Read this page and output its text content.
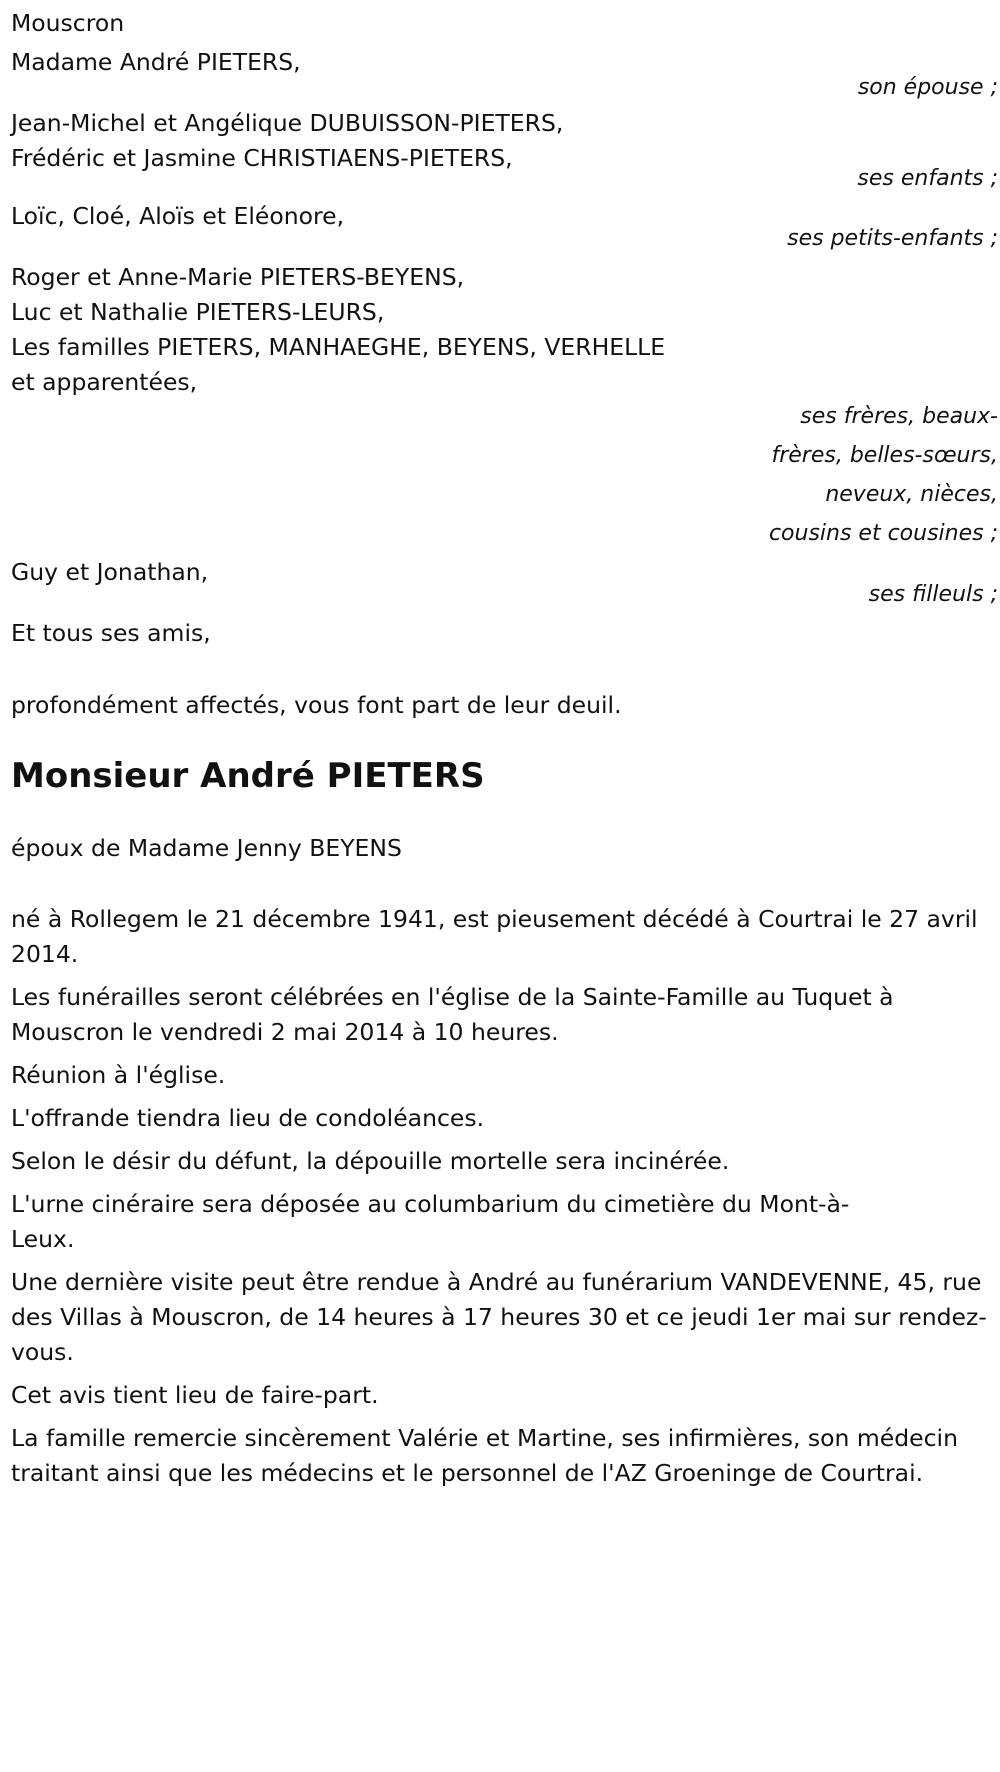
Mouscron
Madame André PIETERS,
son épouse ;
Jean-Michel et Angélique DUBUISSON-PIETERS,
Frédéric et Jasmine CHRISTIAENS-PIETERS,
ses enfants ;
Loïc, Cloé, Aloïs et Eléonore,
ses petits-enfants ;
Roger et Anne-Marie PIETERS-BEYENS,
Luc et Nathalie PIETERS-LEURS,
Les familles PIETERS, MANHAEGHE, BEYENS, VERHELLE
et apparentées,
ses frères, beaux-frères, belles-sœurs, neveux, nièces, cousins et cousines ;
Guy et Jonathan,
ses filleuls ;
Et tous ses amis,

profondément affectés, vous font part de leur deuil.

Monsieur André PIETERS

époux de Madame Jenny BEYENS

né à Rollegem le 21 décembre 1941, est pieusement décédé à Courtrai le 27 avril 2014.

Les funérailles seront célébrées en l'église de la Sainte-Famille au Tuquet à Mouscron le vendredi 2 mai 2014 à 10 heures.

Réunion à l'église.

L'offrande tiendra lieu de condoléances.

Selon le désir du défunt, la dépouille mortelle sera incinérée.

L'urne cinéraire sera déposée au columbarium du cimetière du Mont-à-Leux.

Une dernière visite peut être rendue à André au funérarium VANDEVENNE, 45, rue des Villas à Mouscron, de 14 heures à 17 heures 30 et ce jeudi 1er mai sur rendez-vous.

Cet avis tient lieu de faire-part.

La famille remercie sincèrement Valérie et Martine, ses infirmières, son médecin traitant ainsi que les médecins et le personnel de l'AZ Groeninge de Courtrai.
